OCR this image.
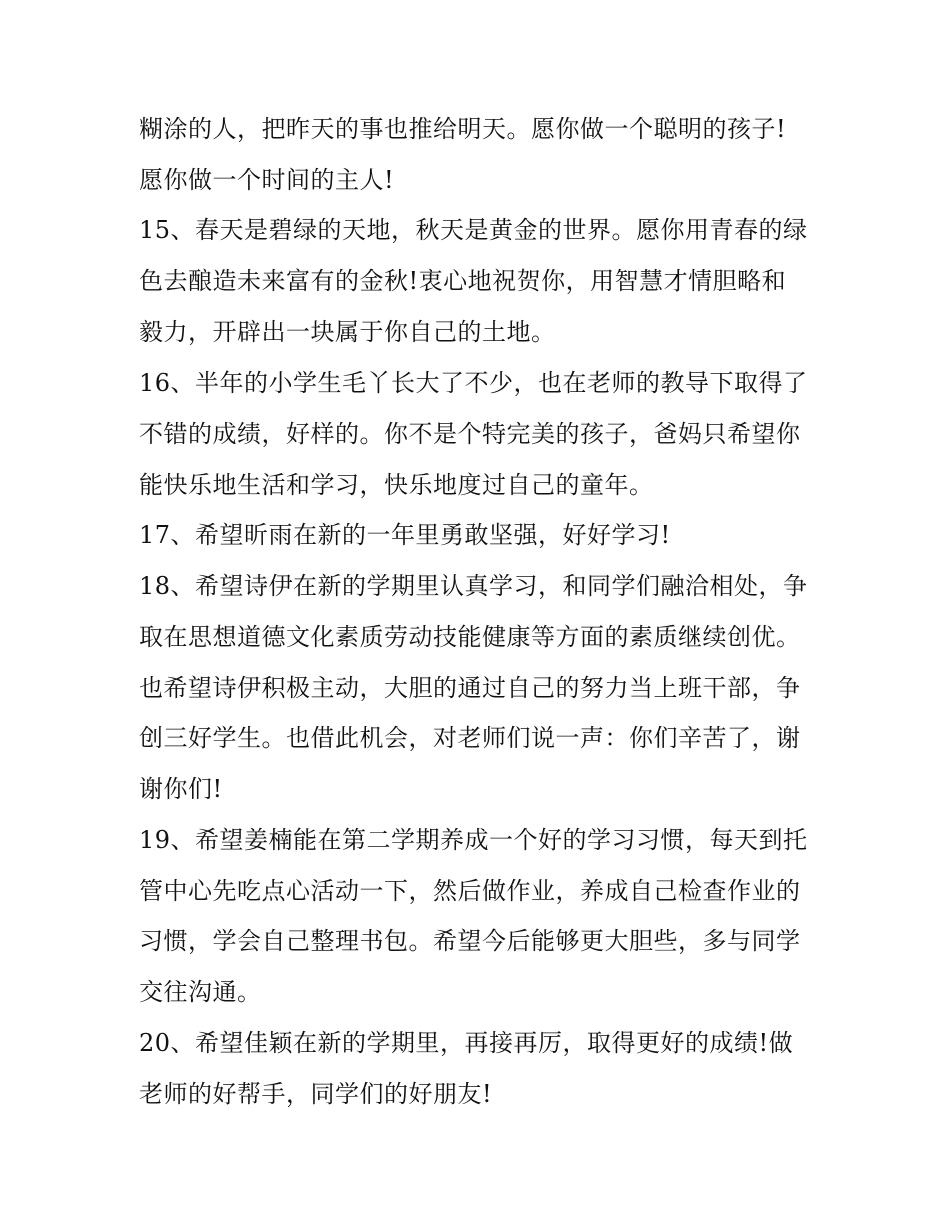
糊涂的人，把昨天的事也推给明天。愿你做一个聪明的孩子!
愿你做一个时间的主人!
15、春天是碧绿的天地，秋天是黄金的世界。愿你用青春的绿
色去酿造未来富有的金秋!衷心地祝贺你，用智慧才情胆略和
毅力，开辟出一块属于你自己的土地。
16、半年的小学生毛丫长大了不少，也在老师的教导下取得了
不错的成绩，好样的。你不是个特完美的孩子，爸妈只希望你
能快乐地生活和学习，快乐地度过自己的童年。
17、希望昕雨在新的一年里勇敢坚强，好好学习!
18、希望诗伊在新的学期里认真学习，和同学们融洽相处，争
取在思想道德文化素质劳动技能健康等方面的素质继续创优。
也希望诗伊积极主动，大胆的通过自己的努力当上班干部，争
创三好学生。也借此机会，对老师们说一声：你们辛苦了，谢
谢你们!
19、希望姜楠能在第二学期养成一个好的学习习惯，每天到托
管中心先吃点心活动一下，然后做作业，养成自己检查作业的
习惯，学会自己整理书包。希望今后能够更大胆些，多与同学
交往沟通。
20、希望佳颖在新的学期里，再接再厉，取得更好的成绩!做
老师的好帮手，同学们的好朋友!
